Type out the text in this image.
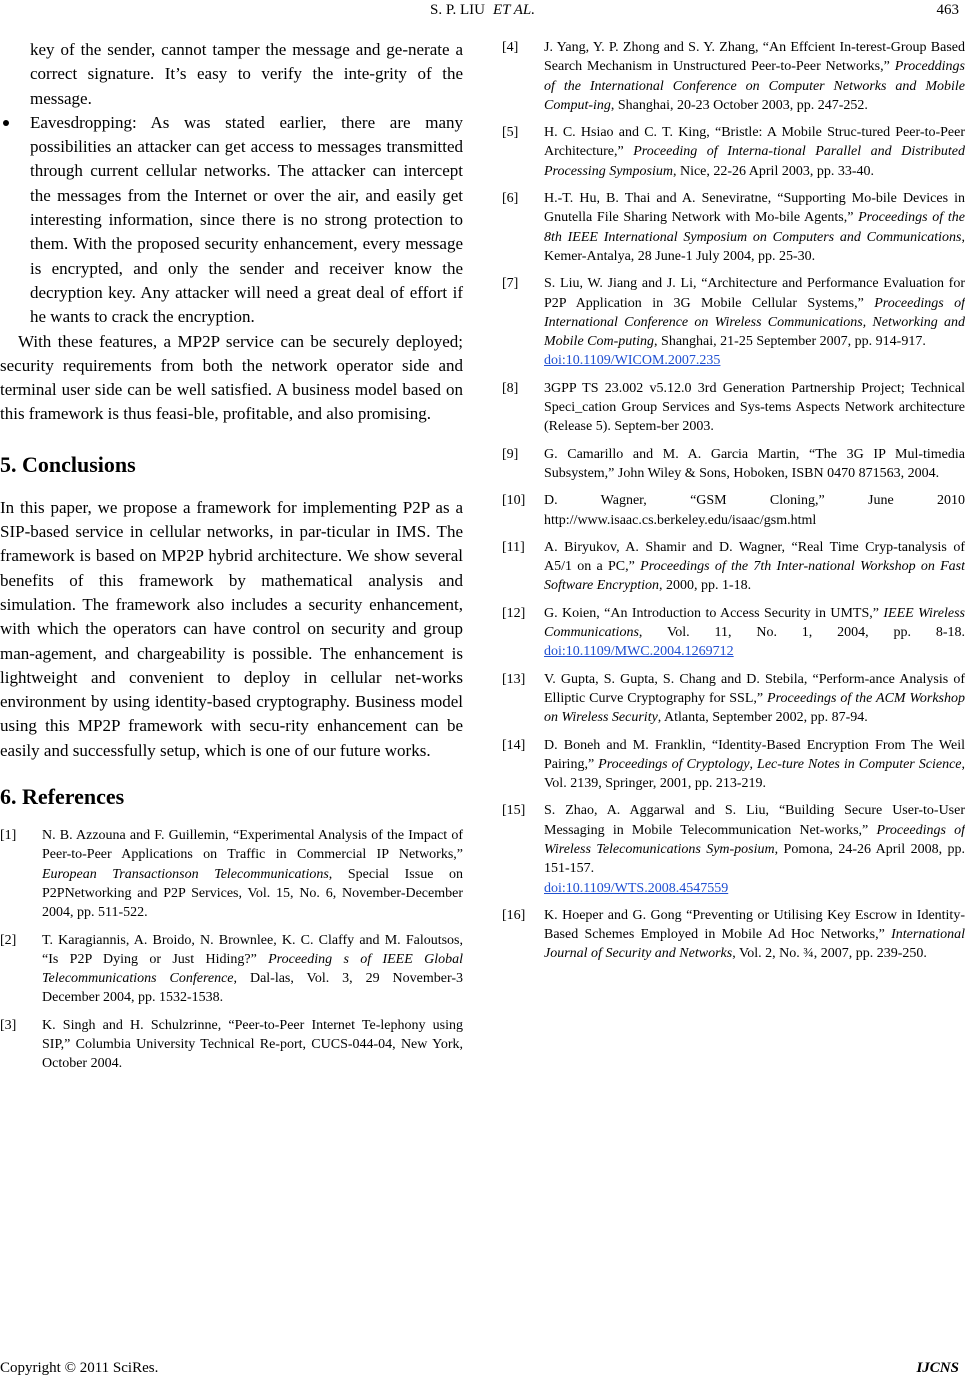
S. P. LIU ET AL.	463

key of the sender, cannot tamper the message and ge-nerate a correct signature. It’s easy to verify the inte-grity of the message.

Eavesdropping: As was stated earlier, there are many possibilities an attacker can get access to messages transmitted through current cellular networks. The attacker can intercept the messages from the Internet or over the air, and easily get interesting information, since there is no strong protection to them. With the proposed security enhancement, every message is encrypted, and only the sender and receiver know the decryption key. Any attacker will need a great deal of effort if he wants to crack the encryption.

With these features, a MP2P service can be securely deployed; security requirements from both the network operator side and terminal user side can be well satisfied. A business model based on this framework is thus feasi-ble, profitable, and also promising.

5. Conclusions

In this paper, we propose a framework for implementing P2P as a SIP-based service in cellular networks, in par-ticular in IMS. The framework is based on MP2P hybrid architecture. We show several benefits of this framework by mathematical analysis and simulation. The framework also includes a security enhancement, with which the operators can have control on security and group man-agement, and chargeability is possible. The enhancement is lightweight and convenient to deploy in cellular net-works environment by using identity-based cryptography. Business model using this MP2P framework with secu-rity enhancement can be easily and successfully setup, which is one of our future works.

6. References
[1] N. B. Azzouna and F. Guillemin, “Experimental Analysis of the Impact of Peer-to-Peer Applications on Traffic in Commercial IP Networks,” European Transactionson Telecommunications, Special Issue on P2PNetworking and P2P Services, Vol. 15, No. 6, November-December 2004, pp. 511-522.
[2] T. Karagiannis, A. Broido, N. Brownlee, K. C. Claffy and M. Faloutsos, “Is P2P Dying or Just Hiding?” Proceeding s of IEEE Global Telecommunications Conference, Dal-las, Vol. 3, 29 November-3 December 2004, pp. 1532-1538.
[3] K. Singh and H. Schulzrinne, “Peer-to-Peer Internet Te-lephony using SIP,” Columbia University Technical Re-port, CUCS-044-04, New York, October 2004.
[4] J. Yang, Y. P. Zhong and S. Y. Zhang, “An Effcient In-terest-Group Based Search Mechanism in Unstructured Peer-to-Peer Networks,” Proceddings of the International Conference on Computer Networks and Mobile Comput-ing, Shanghai, 20-23 October 2003, pp. 247-252.
[5] H. C. Hsiao and C. T. King, “Bristle: A Mobile Struc-tured Peer-to-Peer Architecture,” Proceeding of Interna-tional Parallel and Distributed Processing Symposium, Nice, 22-26 April 2003, pp. 33-40.
[6] H.-T. Hu, B. Thai and A. Seneviratne, “Supporting Mo-bile Devices in Gnutella File Sharing Network with Mo-bile Agents,” Proceedings of the 8th IEEE International Symposium on Computers and Communications, Kemer-Antalya, 28 June-1 July 2004, pp. 25-30.
[7] S. Liu, W. Jiang and J. Li, “Architecture and Performance Evaluation for P2P Application in 3G Mobile Cellular Systems,” Proceedings of International Conference on Wireless Communications, Networking and Mobile Com-puting, Shanghai, 21-25 September 2007, pp. 914-917.
doi:10.1109/WICOM.2007.235
[8] 3GPP TS 23.002 v5.12.0 3rd Generation Partnership Project; Technical Speci_cation Group Services and Sys-tems Aspects Network architecture (Release 5). Septem-ber 2003.
[9] G. Camarillo and M. A. Garcia Martin, “The 3G IP Mul-timedia Subsystem,” John Wiley & Sons, Hoboken, ISBN 0470 871563, 2004.
[10] D. Wagner, “GSM Cloning,” June 2010 http://www.isaac.cs.berkeley.edu/isaac/gsm.html
[11] A. Biryukov, A. Shamir and D. Wagner, “Real Time Cryp-tanalysis of A5/1 on a PC,” Proceedings of the 7th Inter-national Workshop on Fast Software Encryption, 2000, pp. 1-18.
[12] G. Koien, “An Introduction to Access Security in UMTS,” IEEE Wireless Communications, Vol. 11, No. 1, 2004, pp. 8-18. doi:10.1109/MWC.2004.1269712
[13] V. Gupta, S. Gupta, S. Chang and D. Stebila, “Perform-ance Analysis of Elliptic Curve Cryptography for SSL,” Proceedings of the ACM Workshop on Wireless Security, Atlanta, September 2002, pp. 87-94.
[14] D. Boneh and M. Franklin, “Identity-Based Encryption From The Weil Pairing,” Proceedings of Cryptology, Lec-ture Notes in Computer Science, Vol. 2139, Springer, 2001, pp. 213-219.
[15] S. Zhao, A. Aggarwal and S. Liu, “Building Secure User-to-User Messaging in Mobile Telecommunication Net-works,” Proceedings of Wireless Telecomunications Sym-posium, Pomona, 24-26 April 2008, pp. 151-157.
doi:10.1109/WTS.2008.4547559
[16] K. Hoeper and G. Gong “Preventing or Utilising Key Escrow in Identity-Based Schemes Employed in Mobile Ad Hoc Networks,” International Journal of Security and Networks, Vol. 2, No. ¾, 2007, pp. 239-250.
Copyright © 2011 SciRes.	IJCNS
